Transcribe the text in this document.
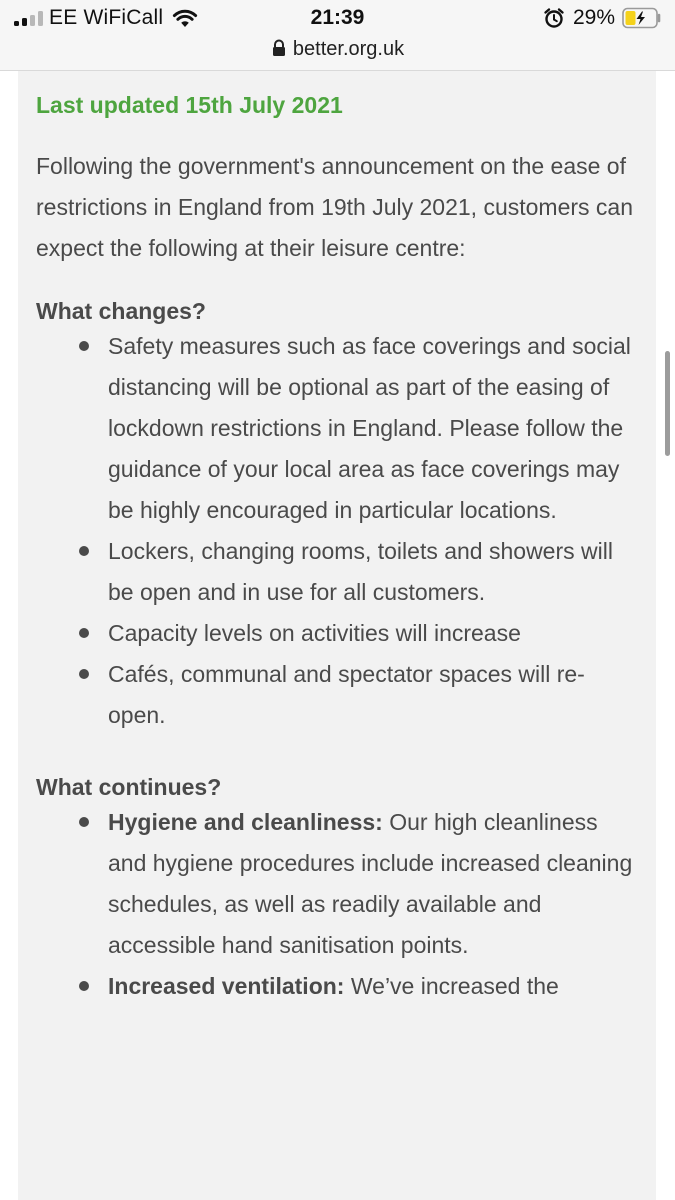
EE WiFiCall	21:39	29%
better.org.uk

Last updated 15th July 2021

Following the government's announcement on the ease of restrictions in England from 19th July 2021, customers can expect the following at their leisure centre:

What changes?

Safety measures such as face coverings and social distancing will be optional as part of the easing of lockdown restrictions in England. Please follow the guidance of your local area as face coverings may be highly encouraged in particular locations.
Lockers, changing rooms, toilets and showers will be open and in use for all customers.
Capacity levels on activities will increase
Cafés, communal and spectator spaces will re-open.

What continues?

Hygiene and cleanliness: Our high cleanliness and hygiene procedures include increased cleaning schedules, as well as readily available and accessible hand sanitisation points.
Increased ventilation: We’ve increased the
